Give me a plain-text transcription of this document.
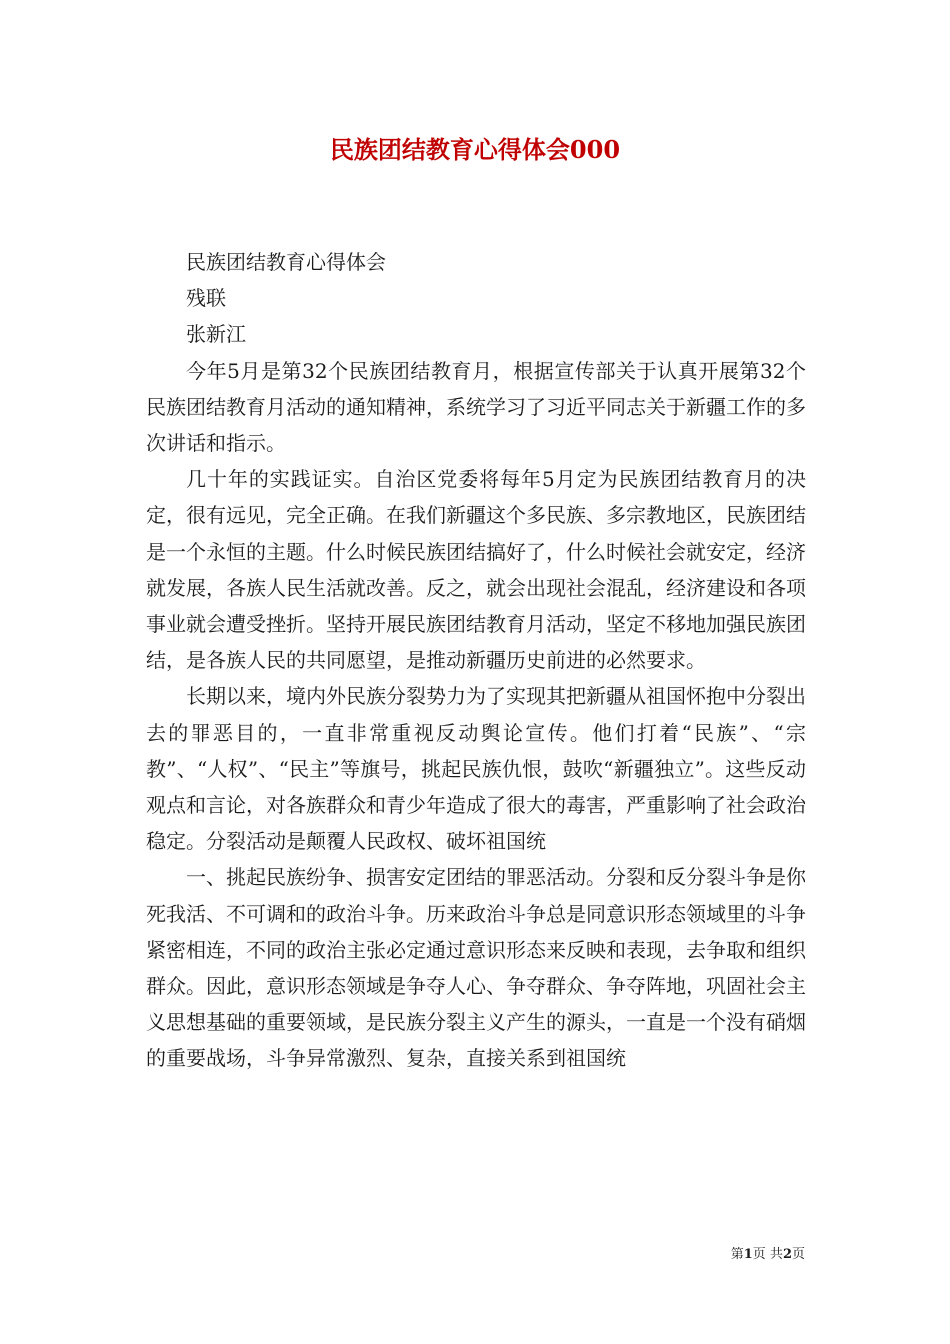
民族团结教育心得体会000

民族团结教育心得体会

残联

张新江

今年5月是第32个民族团结教育月，根据宣传部关于认真开展第32个民族团结教育月活动的通知精神，系统学习了习近平同志关于新疆工作的多次讲话和指示。

几十年的实践证实。自治区党委将每年5月定为民族团结教育月的决定，很有远见，完全正确。在我们新疆这个多民族、多宗教地区，民族团结是一个永恒的主题。什么时候民族团结搞好了，什么时候社会就安定，经济就发展，各族人民生活就改善。反之，就会出现社会混乱，经济建设和各项事业就会遭受挫折。坚持开展民族团结教育月活动，坚定不移地加强民族团结，是各族人民的共同愿望，是推动新疆历史前进的必然要求。

长期以来，境内外民族分裂势力为了实现其把新疆从祖国怀抱中分裂出去的罪恶目的，一直非常重视反动舆论宣传。他们打着“民族”、“宗教”、“人权”、“民主”等旗号，挑起民族仇恨，鼓吹“新疆独立”。这些反动观点和言论，对各族群众和青少年造成了很大的毒害，严重影响了社会政治稳定。分裂活动是颠覆人民政权、破坏祖国统

一、挑起民族纷争、损害安定团结的罪恶活动。分裂和反分裂斗争是你死我活、不可调和的政治斗争。历来政治斗争总是同意识形态领域里的斗争紧密相连，不同的政治主张必定通过意识形态来反映和表现，去争取和组织群众。因此，意识形态领域是争夺人心、争夺群众、争夺阵地，巩固社会主义思想基础的重要领域，是民族分裂主义产生的源头，一直是一个没有硝烟的重要战场，斗争异常激烈、复杂，直接关系到祖国统

第1页 共2页
